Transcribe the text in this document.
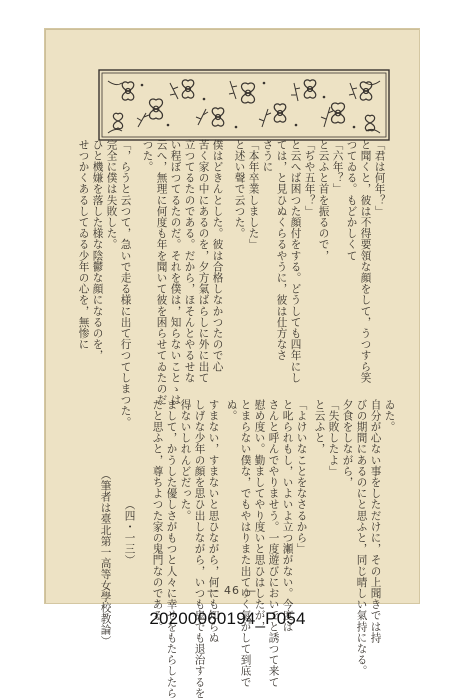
「君は何年？」
と聞くと，彼は不得要領な顔をして，うつすら笑
つてゐる。もどかしくて
「六年？」
と云ふと首を振るので，
「ぢや五年？」
と云へば困つた顔付をする。どうしても四年にし
ては，と見ひぬくらるやうに，彼は仕方なさ
さうに
「本年卒業しました」
と述い聲で云つた。
僕はどきんとした。彼は合格しなかつたので心
苦く家の中にあるのを，夕方氣ばらしに外に出て
立つてるたのである。だから，ほそんとやるせな
い程ぼつてるたのだ。それを僕は，知らないことゝは
云へ，無理に何度も年を聞いて彼を困らせてゐたのだ
つた。
「，らうと云つて，急いで走る様に出て行つてしまつた。
完全に僕は失敗した。
ひと機嫌を落した様な陰鬱な顔になるのを，
せつかくあるしてゐる少年の心を，無惨に
ゐた。
自分が心ない事をしただけに，その上聞きでは持
びの期間にあるのにと思ふと，同じ晴しい氣持になる。
夕食をしながら，
「失敗したよ」
と云ふと，
「よけいなことをなさるから」
と叱られもし，いよいよ立つ瀬がない。今度は
さんと呼んでやりませう。一度遊びにおいでと誘つて来て
慰め度い。勤ましてやり度いと思ひはしたが，
とまらない僕な，でもやはりまた出てゆく氣がして到底で
ぬ。
すまない，すまないと思ひながら，何にも知らぬ
しげな少年の顔を思ひ出しながら，いつも鬼でも退治するを
得ないしれんどだった。
まして，かうした優しさがもつと人々に幸せをもたらしたら
だと思ふと，尊ちよつた家の鬼門なのである。
（四・一三）
（筆者は臺北第一高等女學校教論）	― 46 ―
20200060194_P054
